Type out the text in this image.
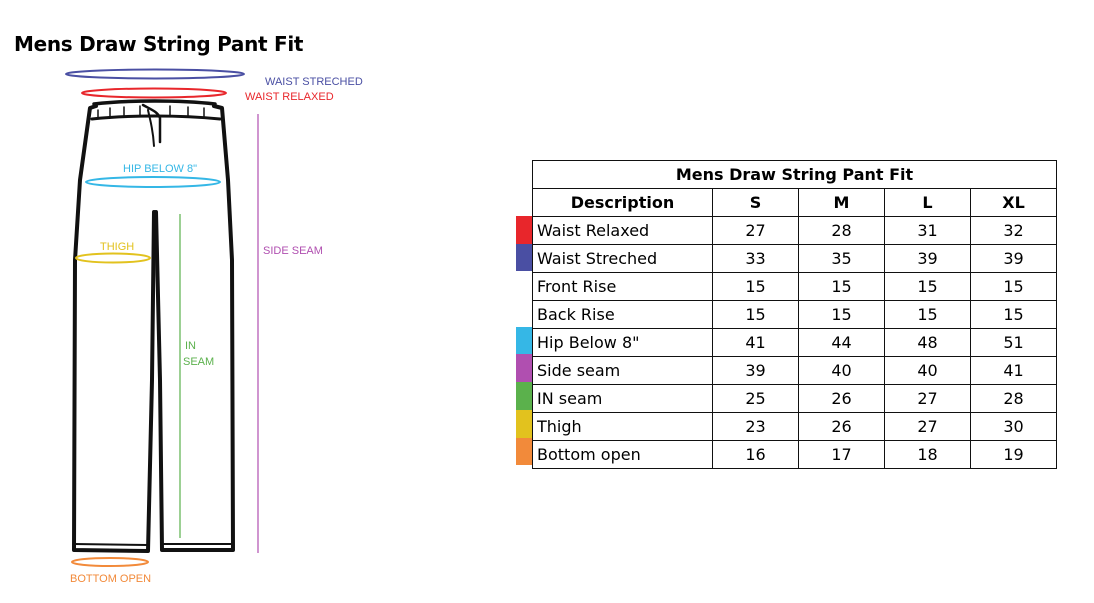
Mens Draw String Pant Fit
WAIST STRECHED
WAIST RELAXED
HIP BELOW 8"
THIGH
IN
SEAM
SIDE SEAM
BOTTOM OPEN
Mens Draw String Pant Fit				
Description	S	M	L	XL
Waist Relaxed	27	28	31	32
Waist Streched	33	35	39	39
Front Rise	15	15	15	15
Back Rise	15	15	15	15
Hip Below 8"	41	44	48	51
Side seam	39	40	40	41
IN seam	25	26	27	28
Thigh	23	26	27	30
Bottom open	16	17	18	19
